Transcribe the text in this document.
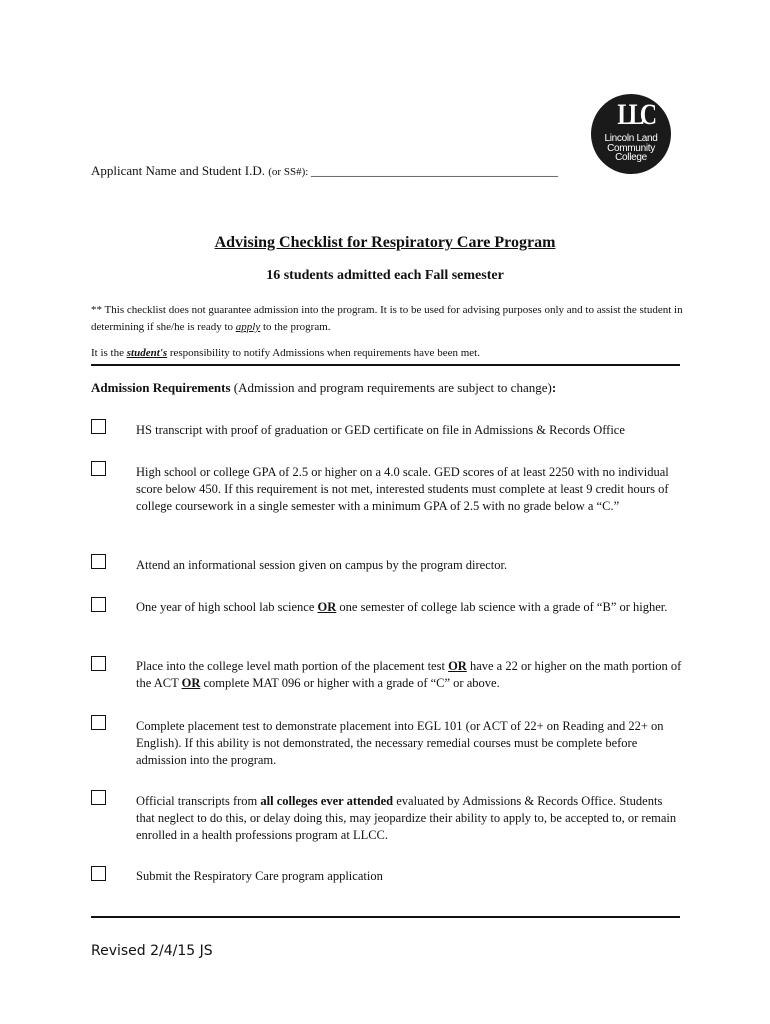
LLC
Lincoln Land
Community
College
Applicant Name and Student I.D. (or SS#): ______________________________________
Advising Checklist for Respiratory Care Program
16 students admitted each Fall semester
** This checklist does not guarantee admission into the program. It is to be used for advising purposes only and to assist the student in determining if she/he is ready to apply to the program.
It is the student's responsibility to notify Admissions when requirements have been met.
Admission Requirements (Admission and program requirements are subject to change):
HS transcript with proof of graduation or GED certificate on file in Admissions & Records Office
High school or college GPA of 2.5 or higher on a 4.0 scale. GED scores of at least 2250 with no individual score below 450. If this requirement is not met, interested students must complete at least 9 credit hours of college coursework in a single semester with a minimum GPA of 2.5 with no grade below a “C.”
Attend an informational session given on campus by the program director.
One year of high school lab science OR one semester of college lab science with a grade of “B” or higher.
Place into the college level math portion of the placement test OR have a 22 or higher on the math portion of the ACT OR complete MAT 096 or higher with a grade of “C” or above.
Complete placement test to demonstrate placement into EGL 101 (or ACT of 22+ on Reading and 22+ on English). If this ability is not demonstrated, the necessary remedial courses must be complete before admission into the program.
Official transcripts from all colleges ever attended evaluated by Admissions & Records Office. Students that neglect to do this, or delay doing this, may jeopardize their ability to apply to, be accepted to, or remain enrolled in a health professions program at LLCC.
Submit the Respiratory Care program application
Revised 2/4/15 JS
